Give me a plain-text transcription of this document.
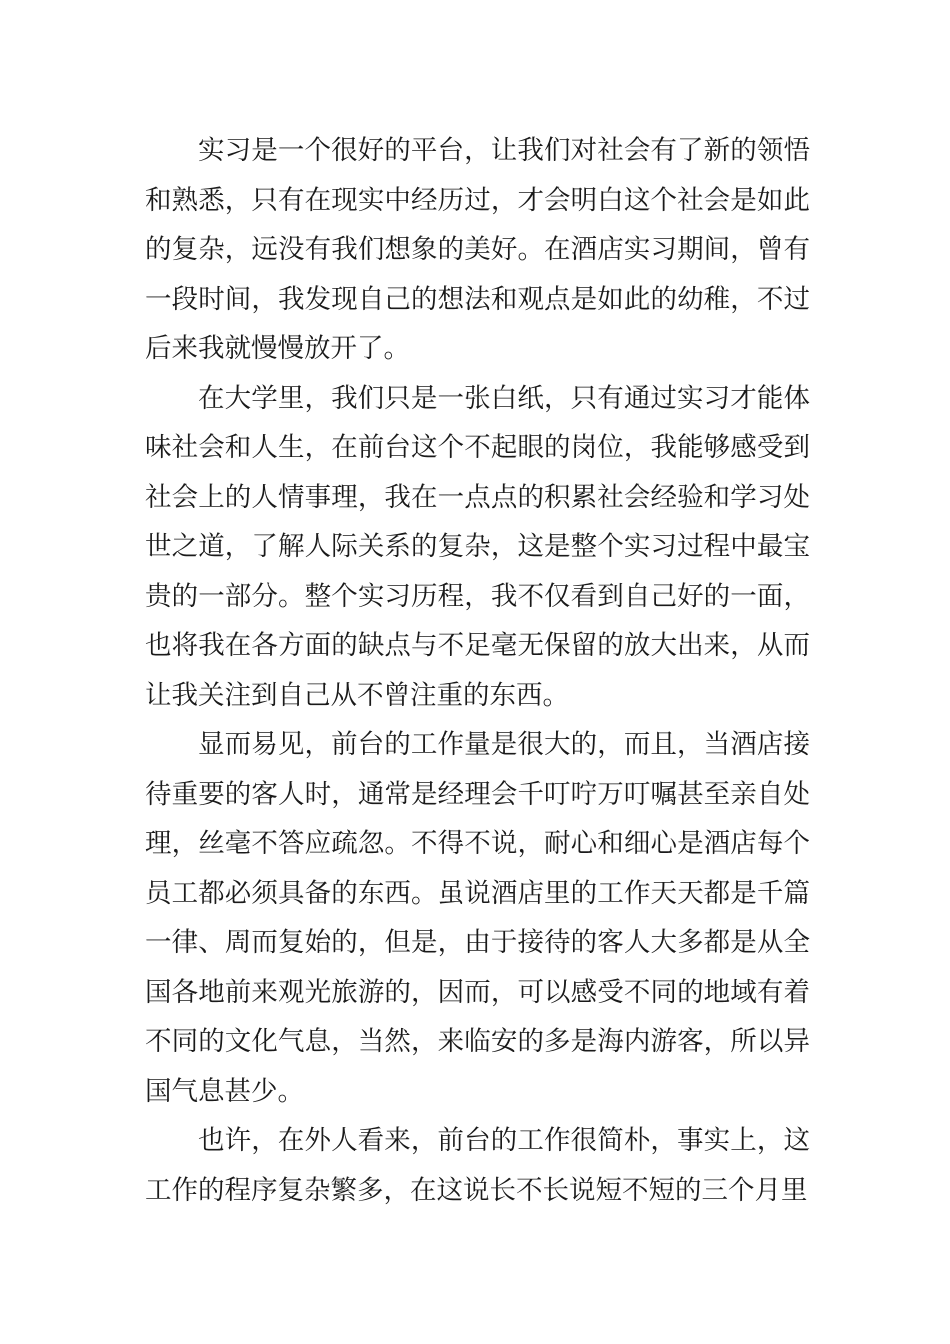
实习是一个很好的平台，让我们对社会有了新的领悟和熟悉，只有在现实中经历过，才会明白这个社会是如此的复杂，远没有我们想象的美好。在酒店实习期间，曾有一段时间，我发现自己的想法和观点是如此的幼稚，不过后来我就慢慢放开了。

在大学里，我们只是一张白纸，只有通过实习才能体味社会和人生，在前台这个不起眼的岗位，我能够感受到社会上的人情事理，我在一点点的积累社会经验和学习处世之道，了解人际关系的复杂，这是整个实习过程中最宝贵的一部分。整个实习历程，我不仅看到自己好的一面，也将我在各方面的缺点与不足毫无保留的放大出来，从而让我关注到自己从不曾注重的东西。

显而易见，前台的工作量是很大的，而且，当酒店接待重要的客人时，通常是经理会千叮咛万叮嘱甚至亲自处理，丝毫不答应疏忽。不得不说，耐心和细心是酒店每个员工都必须具备的东西。虽说酒店里的工作天天都是千篇一律、周而复始的，但是，由于接待的客人大多都是从全国各地前来观光旅游的，因而，可以感受不同的地域有着不同的文化气息，当然，来临安的多是海内游客，所以异国气息甚少。

也许，在外人看来，前台的工作很简朴，事实上，这工作的程序复杂繁多，在这说长不长说短不短的三个月里
